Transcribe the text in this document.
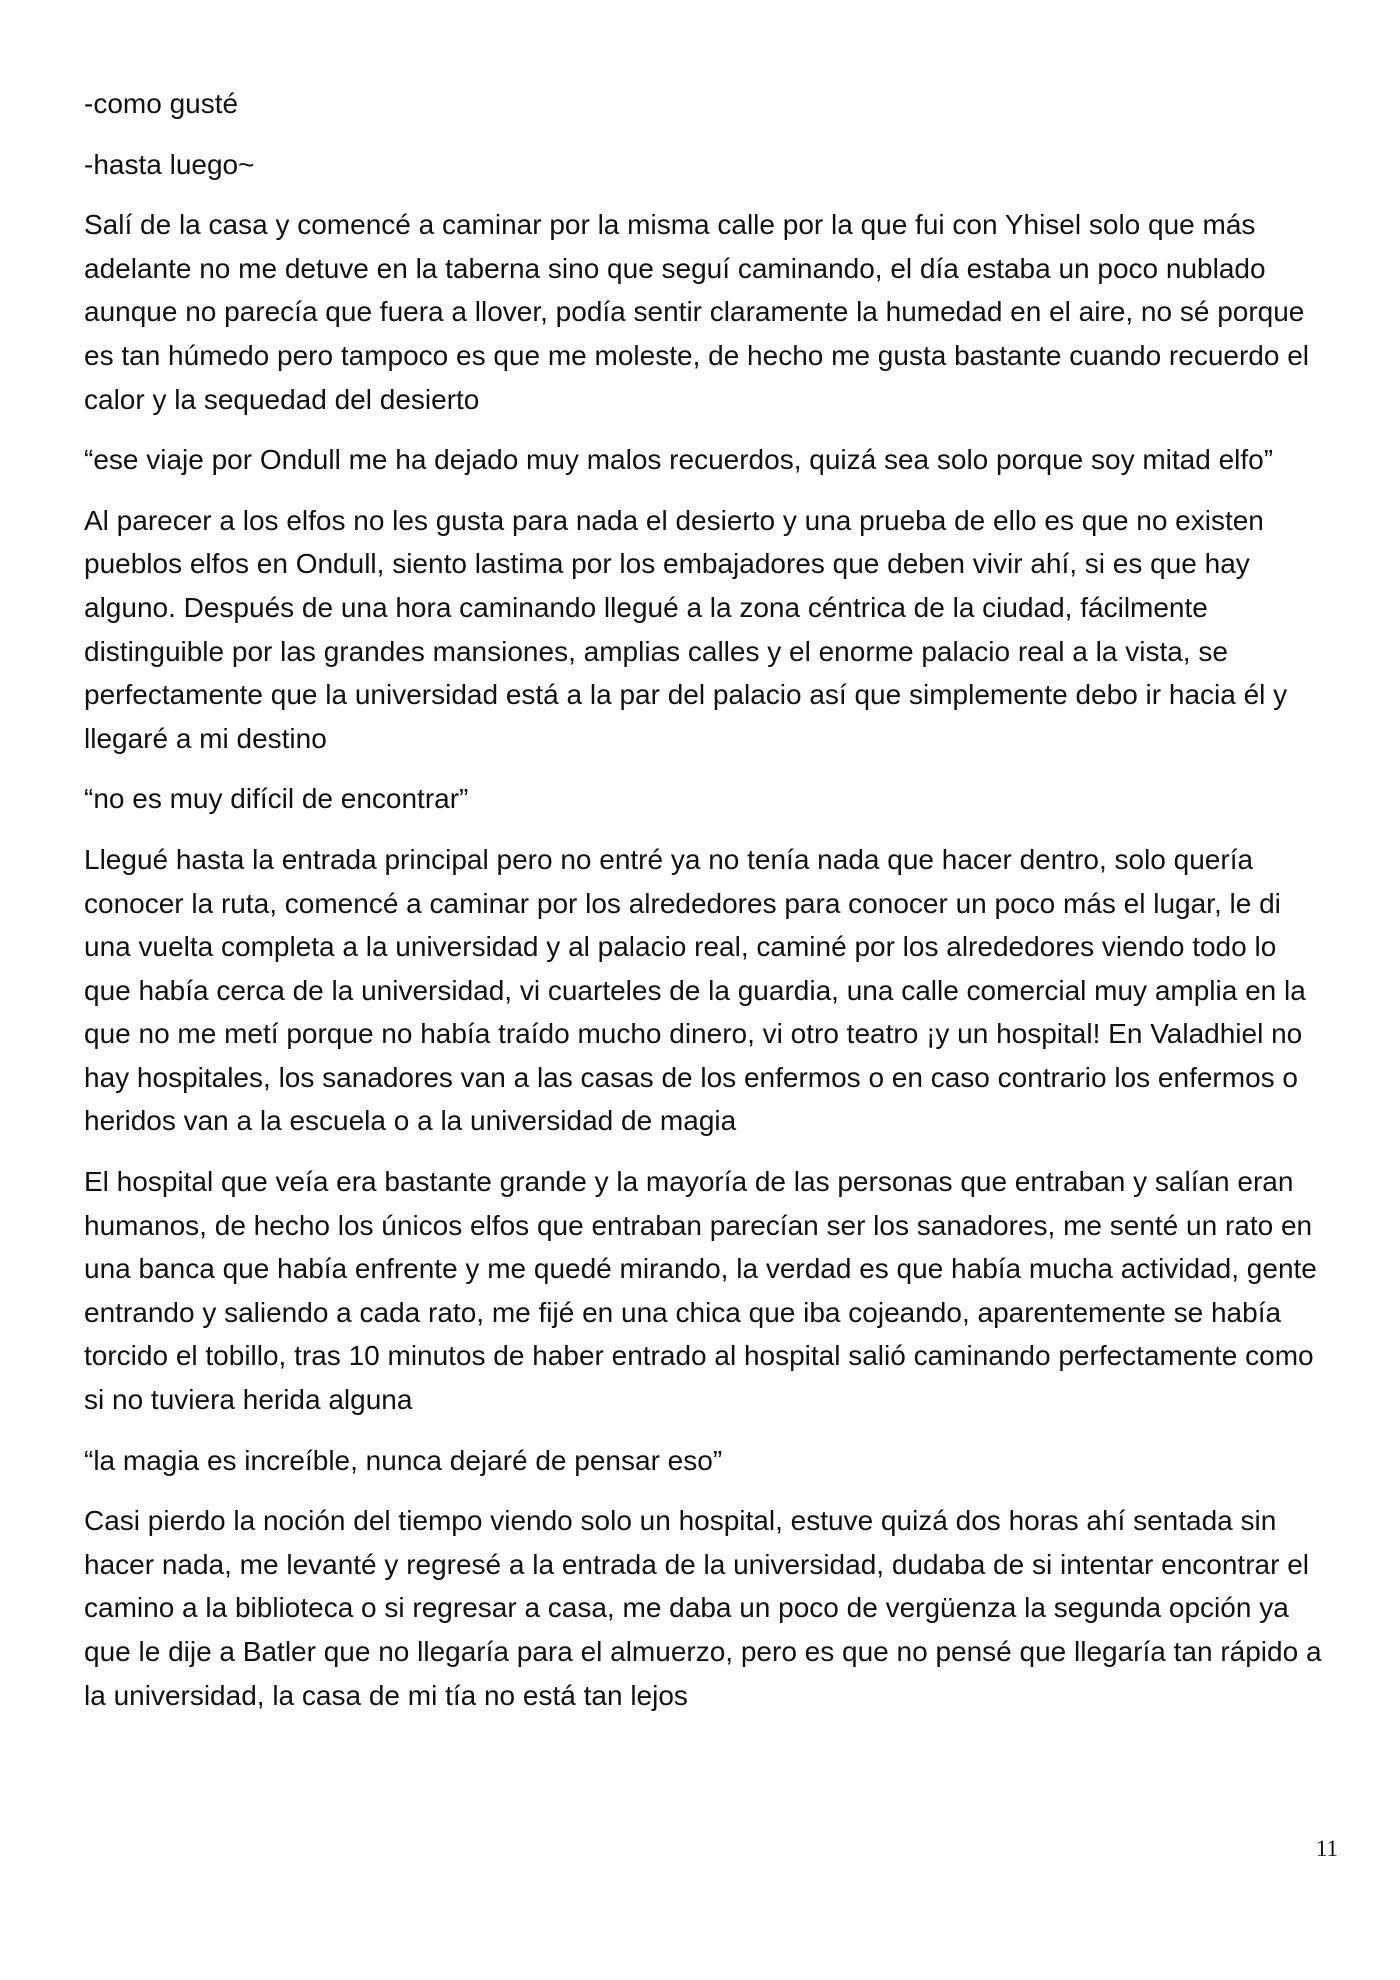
-como gusté

-hasta luego~

Salí de la casa y comencé a caminar por la misma calle por la que fui con Yhisel solo que más adelante no me detuve en la taberna sino que seguí caminando, el día estaba un poco nublado aunque no parecía que fuera a llover, podía sentir claramente la humedad en el aire, no sé porque es tan húmedo pero tampoco es que me moleste, de hecho me gusta bastante cuando recuerdo el calor y la sequedad del desierto

“ese viaje por Ondull me ha dejado muy malos recuerdos, quizá sea solo porque soy mitad elfo”

Al parecer a los elfos no les gusta para nada el desierto y una prueba de ello es que no existen pueblos elfos en Ondull, siento lastima por los embajadores que deben vivir ahí, si es que hay alguno. Después de una hora caminando llegué a la zona céntrica de la ciudad, fácilmente distinguible por las grandes mansiones, amplias calles y el enorme palacio real a la vista, se perfectamente que la universidad está a la par del palacio así que simplemente debo ir hacia él y llegaré a mi destino

“no es muy difícil de encontrar”

Llegué hasta la entrada principal pero no entré ya no tenía nada que hacer dentro, solo quería conocer la ruta, comencé a caminar por los alrededores para conocer un poco más el lugar, le di una vuelta completa a la universidad y al palacio real, caminé por los alrededores viendo todo lo que había cerca de la universidad, vi cuarteles de la guardia, una calle comercial muy amplia en la que no me metí porque no había traído mucho dinero, vi otro teatro ¡y un hospital! En Valadhiel no hay hospitales, los sanadores van a las casas de los enfermos o en caso contrario los enfermos o heridos van a la escuela o a la universidad de magia

El hospital que veía era bastante grande y la mayoría de las personas que entraban y salían eran humanos, de hecho los únicos elfos que entraban parecían ser los sanadores, me senté un rato en una banca que había enfrente y me quedé mirando, la verdad es que había mucha actividad, gente entrando y saliendo a cada rato, me fijé en una chica que iba cojeando, aparentemente se había torcido el tobillo, tras 10 minutos de haber entrado al hospital salió caminando perfectamente como si no tuviera herida alguna

“la magia es increíble, nunca dejaré de pensar eso”

Casi pierdo la noción del tiempo viendo solo un hospital, estuve quizá dos horas ahí sentada sin hacer nada, me levanté y regresé a la entrada de la universidad, dudaba de si intentar encontrar el camino a la biblioteca o si regresar a casa, me daba un poco de vergüenza la segunda opción ya que le dije a Batler que no llegaría para el almuerzo, pero es que no pensé que llegaría tan rápido a la universidad, la casa de mi tía no está tan lejos

11
